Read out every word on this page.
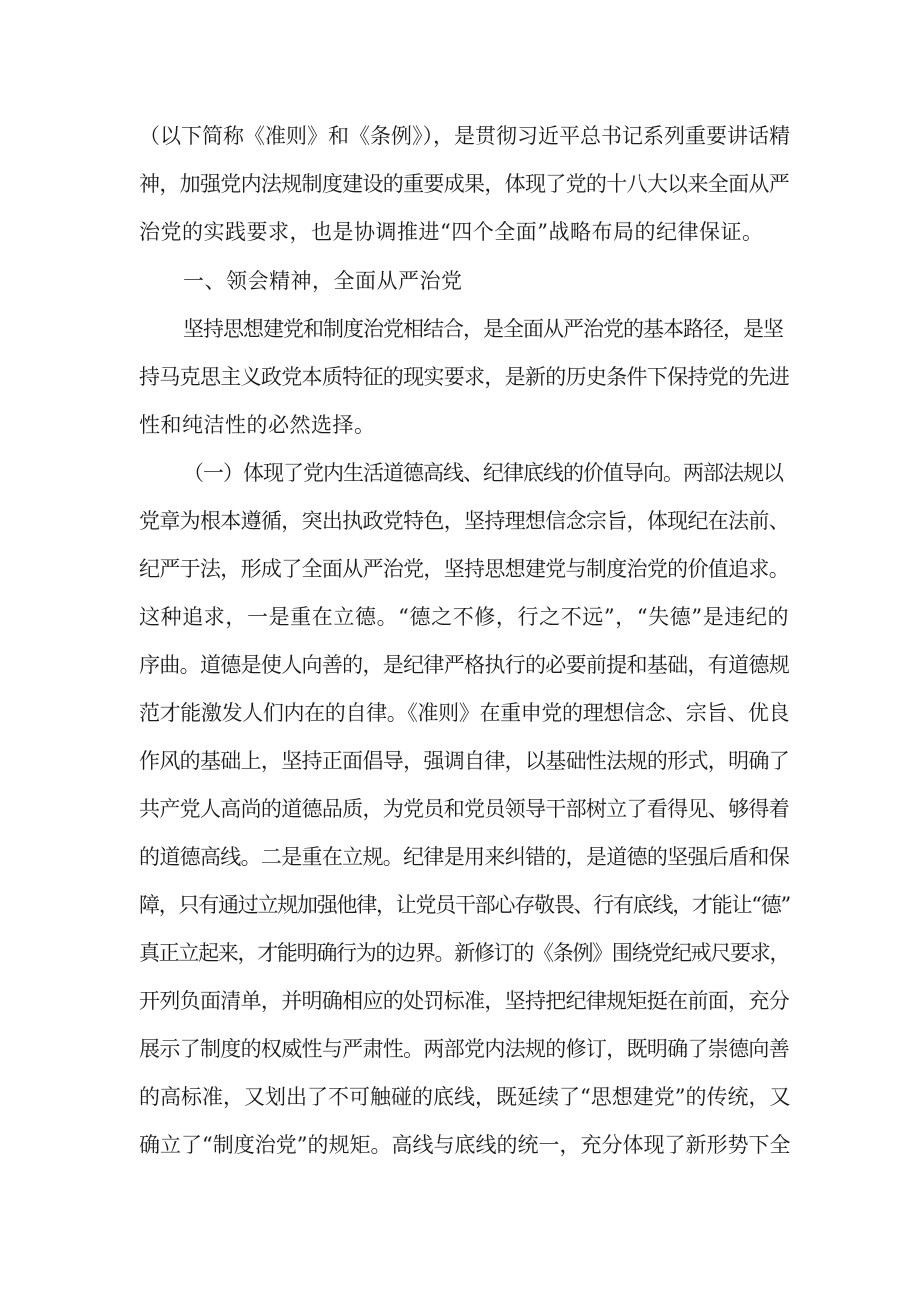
（以下简称《准则》和《条例》），是贯彻习近平总书记系列重要讲话精
神，加强党内法规制度建设的重要成果，体现了党的十八大以来全面从严
治党的实践要求，也是协调推进“四个全面”战略布局的纪律保证。
一、领会精神，全面从严治党
坚持思想建党和制度治党相结合，是全面从严治党的基本路径，是坚
持马克思主义政党本质特征的现实要求，是新的历史条件下保持党的先进
性和纯洁性的必然选择。
（一）体现了党内生活道德高线、纪律底线的价值导向。两部法规以
党章为根本遵循，突出执政党特色，坚持理想信念宗旨，体现纪在法前、
纪严于法，形成了全面从严治党，坚持思想建党与制度治党的价值追求。
这种追求，一是重在立德。“德之不修，行之不远”，“失德”是违纪的
序曲。道德是使人向善的，是纪律严格执行的必要前提和基础，有道德规
范才能激发人们内在的自律。《准则》在重申党的理想信念、宗旨、优良
作风的基础上，坚持正面倡导，强调自律，以基础性法规的形式，明确了
共产党人高尚的道德品质，为党员和党员领导干部树立了看得见、够得着
的道德高线。二是重在立规。纪律是用来纠错的，是道德的坚强后盾和保
障，只有通过立规加强他律，让党员干部心存敬畏、行有底线，才能让“德”
真正立起来，才能明确行为的边界。新修订的《条例》围绕党纪戒尺要求，
开列负面清单，并明确相应的处罚标准，坚持把纪律规矩挺在前面，充分
展示了制度的权威性与严肃性。两部党内法规的修订，既明确了崇德向善
的高标准，又划出了不可触碰的底线，既延续了“思想建党”的传统，又
确立了“制度治党”的规矩。高线与底线的统一，充分体现了新形势下全
